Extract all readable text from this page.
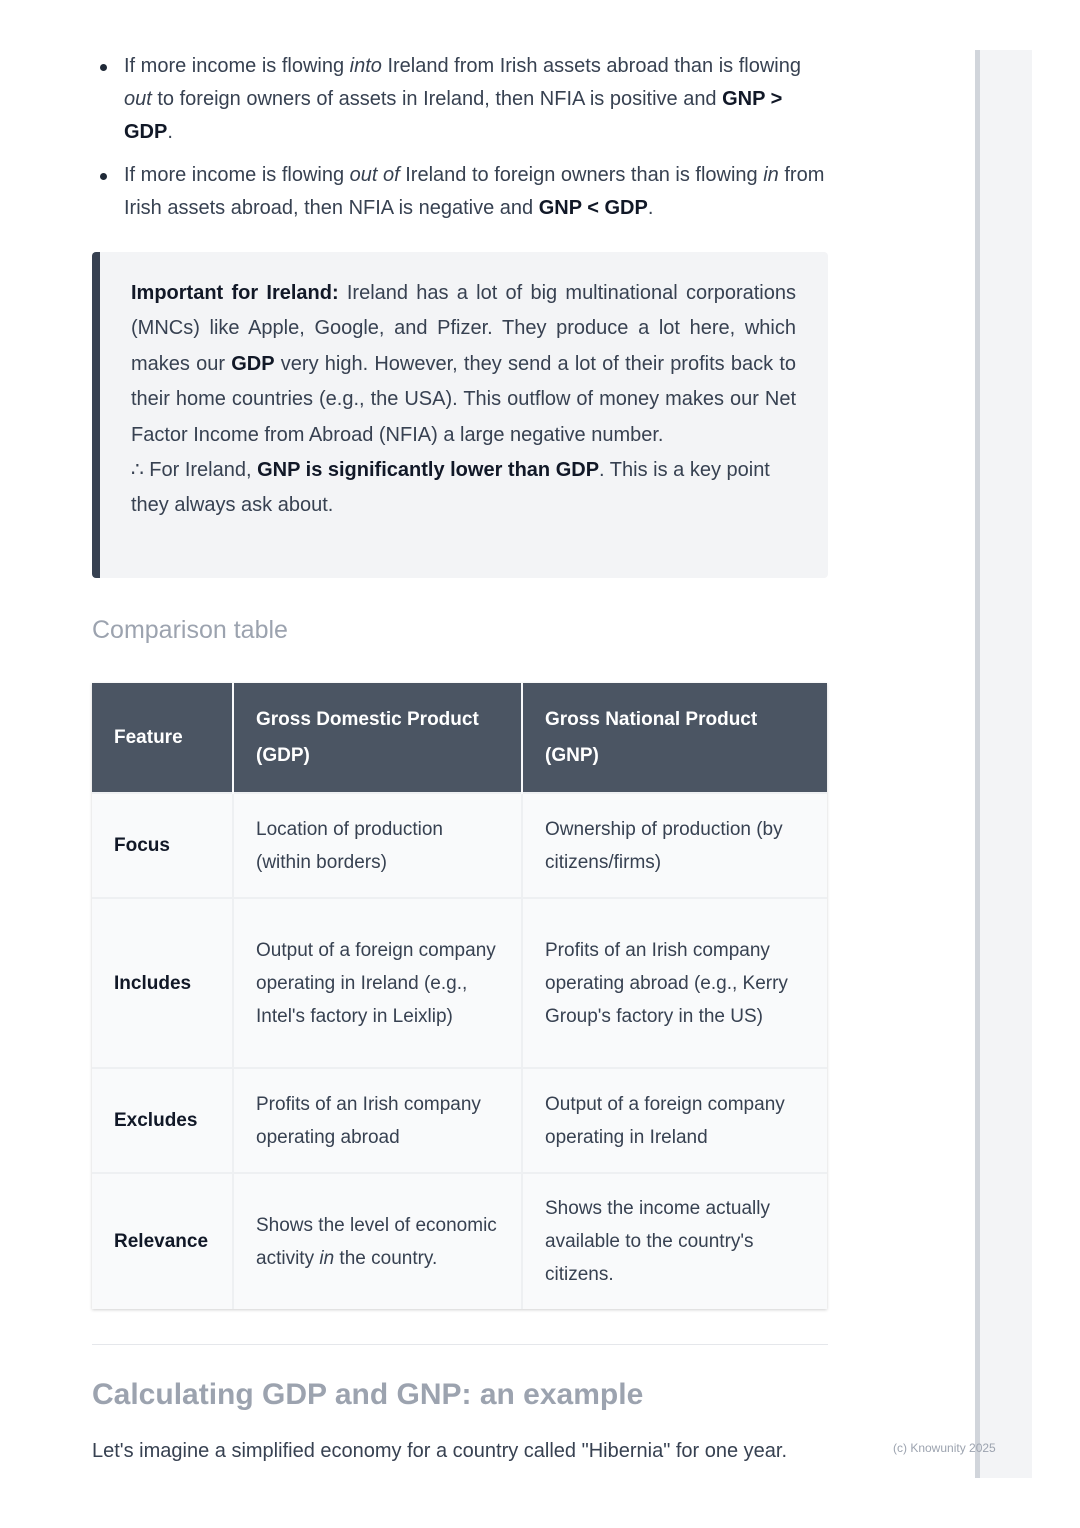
If more income is flowing into Ireland from Irish assets abroad than is flowing out to foreign owners of assets in Ireland, then NFIA is positive and GNP > GDP.
If more income is flowing out of Ireland to foreign owners than is flowing in from Irish assets abroad, then NFIA is negative and GNP < GDP.

Important for Ireland: Ireland has a lot of big multinational corporations (MNCs) like Apple, Google, and Pfizer. They produce a lot here, which makes our GDP very high. However, they send a lot of their profits back to their home countries (e.g., the USA). This outflow of money makes our Net Factor Income from Abroad (NFIA) a large negative number.

∴ For Ireland, GNP is significantly lower than GDP. This is a key point they always ask about.

Comparison table
Feature	Gross Domestic Product (GDP)	Gross National Product (GNP)
Focus	Location of production (within borders)	Ownership of production (by citizens/firms)
Includes	Output of a foreign company operating in Ireland (e.g., Intel's factory in Leixlip)	Profits of an Irish company operating abroad (e.g., Kerry Group's factory in the US)
Excludes	Profits of an Irish company operating abroad	Output of a foreign company operating in Ireland
Relevance	Shows the level of economic activity in the country.	Shows the income actually available to the country's citizens.
Calculating GDP and GNP: an example
Let's imagine a simplified economy for a country called "Hibernia" for one year.	(c) Knowunity 2025
